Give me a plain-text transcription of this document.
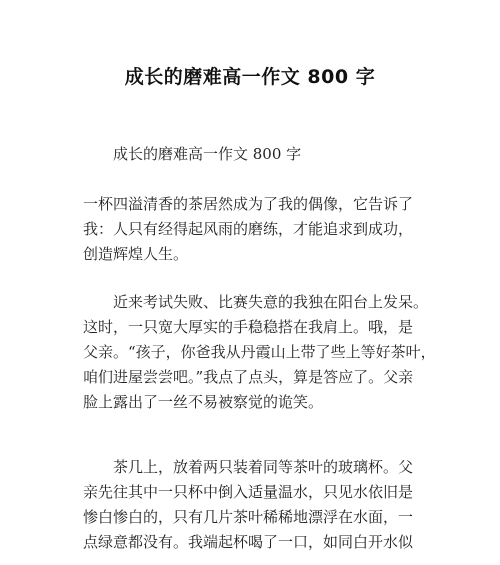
成长的磨难高一作文 800 字
成长的磨难高一作文 800 字
一杯四溢清香的茶居然成为了我的偶像，它告诉了
我：人只有经得起风雨的磨练，才能追求到成功，
创造辉煌人生。
近来考试失败、比赛失意的我独在阳台上发呆。
这时，一只宽大厚实的手稳稳搭在我肩上。哦，是
父亲。“孩子，你爸我从丹霞山上带了些上等好茶叶，
咱们进屋尝尝吧。”我点了点头，算是答应了。父亲
脸上露出了一丝不易被察觉的诡笑。
茶几上，放着两只装着同等茶叶的玻璃杯。父
亲先往其中一只杯中倒入适量温水，只见水依旧是
惨白惨白的，只有几片茶叶稀稀地漂浮在水面，一
点绿意都没有。我端起杯喝了一口，如同白开水似
